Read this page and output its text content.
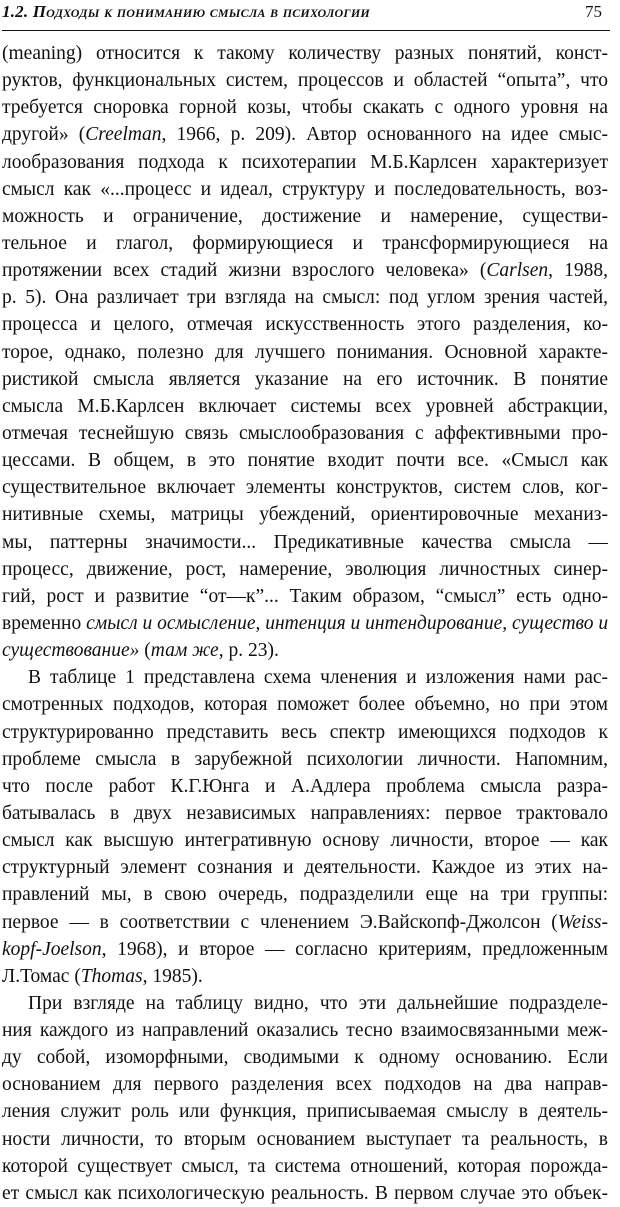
1.2. Подходы к пониманию смысла в психологии	75
(meaning) относится к такому количеству разных понятий, конст-
руктов, функциональных систем, процессов и областей “опыта”, что
требуется сноровка горной козы, чтобы скакать с одного уровня на
другой» (Creelman, 1966, p. 209). Автор основанного на идее смыс-
лообразования подхода к психотерапии М.Б.Карлсен характеризует
смысл как «...процесс и идеал, структуру и последовательность, воз-
можность и ограничение, достижение и намерение, существи-
тельное и глагол, формирующиеся и трансформирующиеся на
протяжении всех стадий жизни взрослого человека» (Carlsen, 1988,
p. 5). Она различает три взгляда на смысл: под углом зрения частей,
процесса и целого, отмечая искусственность этого разделения, ко-
торое, однако, полезно для лучшего понимания. Основной характе-
ристикой смысла является указание на его источник. В понятие
смысла М.Б.Карлсен включает системы всех уровней абстракции,
отмечая теснейшую связь смыслообразования с аффективными про-
цессами. В общем, в это понятие входит почти все. «Смысл как
существительное включает элементы конструктов, систем слов, ког-
нитивные схемы, матрицы убеждений, ориентировочные механиз-
мы, паттерны значимости... Предикативные качества смысла —
процесс, движение, рост, намерение, эволюция личностных синер-
гий, рост и развитие “от—к”... Таким образом, “смысл” есть одно-
временно смысл и осмысление, интенция и интендирование, существо и
существование» (там же, р. 23).
В таблице 1 представлена схема членения и изложения нами рас-
смотренных подходов, которая поможет более объемно, но при этом
структурированно представить весь спектр имеющихся подходов к
проблеме смысла в зарубежной психологии личности. Напомним,
что после работ К.Г.Юнга и А.Адлера проблема смысла разра-
батывалась в двух независимых направлениях: первое трактовало
смысл как высшую интегративную основу личности, второе — как
структурный элемент сознания и деятельности. Каждое из этих на-
правлений мы, в свою очередь, подразделили еще на три группы:
первое — в соответствии с членением Э.Вайскопф-Джолсон (Weiss-
kopf-Joelson, 1968), и второе — согласно критериям, предложенным
Л.Томас (Thomas, 1985).
При взгляде на таблицу видно, что эти дальнейшие подразделе-
ния каждого из направлений оказались тесно взаимосвязанными меж-
ду собой, изоморфными, сводимыми к одному основанию. Если
основанием для первого разделения всех подходов на два направ-
ления служит роль или функция, приписываемая смыслу в деятель-
ности личности, то вторым основанием выступает та реальность, в
которой существует смысл, та система отношений, которая порожда-
ет смысл как психологическую реальность. В первом случае это объек-
